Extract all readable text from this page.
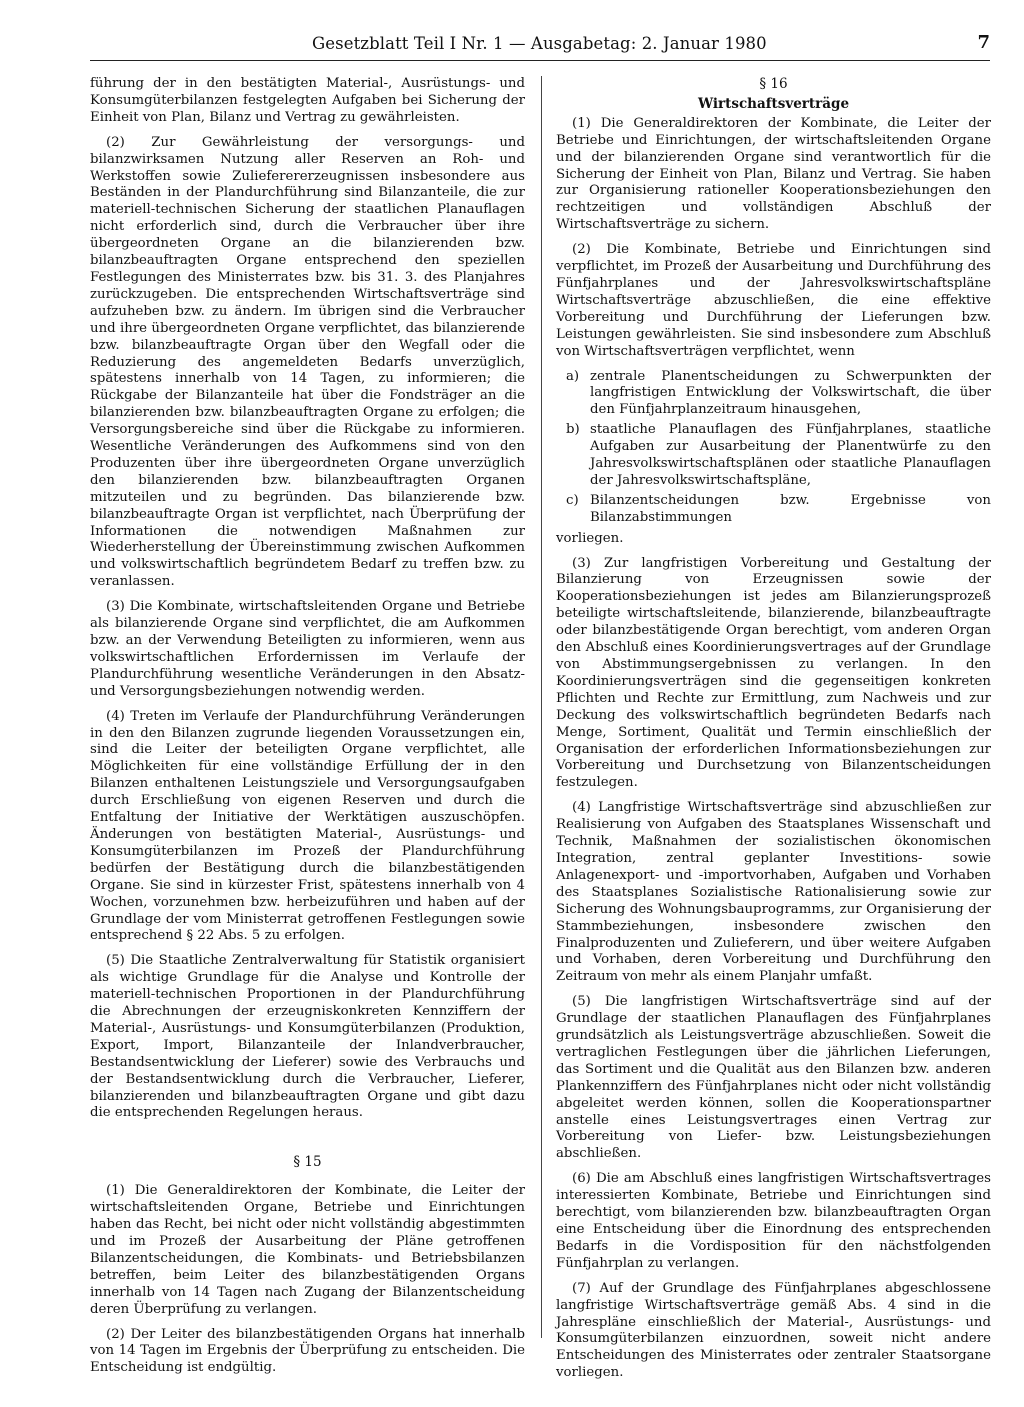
Gesetzblatt Teil I Nr. 1 — Ausgabetag: 2. Januar 1980	7

führung der in den bestätigten Material-, Ausrüstungs- und Konsumgüterbilanzen festgelegten Aufgaben bei Sicherung der Einheit von Plan, Bilanz und Vertrag zu gewährleisten.

(2) Zur Gewährleistung der versorgungs- und bilanzwirksamen Nutzung aller Reserven an Roh- und Werkstoffen sowie Zulieferererzeugnissen insbesondere aus Beständen in der Plandurchführung sind Bilanzanteile, die zur materiell-technischen Sicherung der staatlichen Planauflagen nicht erforderlich sind, durch die Verbraucher über ihre übergeordneten Organe an die bilanzierenden bzw. bilanzbeauftragten Organe entsprechend den speziellen Festlegungen des Ministerrates bzw. bis 31. 3. des Planjahres zurückzugeben. Die entsprechenden Wirtschaftsverträge sind aufzuheben bzw. zu ändern. Im übrigen sind die Verbraucher und ihre übergeordneten Organe verpflichtet, das bilanzierende bzw. bilanzbeauftragte Organ über den Wegfall oder die Reduzierung des angemeldeten Bedarfs unverzüglich, spätestens innerhalb von 14 Tagen, zu informieren; die Rückgabe der Bilanzanteile hat über die Fondsträger an die bilanzierenden bzw. bilanzbeauftragten Organe zu erfolgen; die Versorgungsbereiche sind über die Rückgabe zu informieren. Wesentliche Veränderungen des Aufkommens sind von den Produzenten über ihre übergeordneten Organe unverzüglich den bilanzierenden bzw. bilanzbeauftragten Organen mitzuteilen und zu begründen. Das bilanzierende bzw. bilanzbeauftragte Organ ist verpflichtet, nach Überprüfung der Informationen die notwendigen Maßnahmen zur Wiederherstellung der Übereinstimmung zwischen Aufkommen und volkswirtschaftlich begründetem Bedarf zu treffen bzw. zu veranlassen.

(3) Die Kombinate, wirtschaftsleitenden Organe und Betriebe als bilanzierende Organe sind verpflichtet, die am Aufkommen bzw. an der Verwendung Beteiligten zu informieren, wenn aus volkswirtschaftlichen Erfordernissen im Verlaufe der Plandurchführung wesentliche Veränderungen in den Absatz- und Versorgungsbeziehungen notwendig werden.

(4) Treten im Verlaufe der Plandurchführung Veränderungen in den den Bilanzen zugrunde liegenden Voraussetzungen ein, sind die Leiter der beteiligten Organe verpflichtet, alle Möglichkeiten für eine vollständige Erfüllung der in den Bilanzen enthaltenen Leistungsziele und Versorgungsaufgaben durch Erschließung von eigenen Reserven und durch die Entfaltung der Initiative der Werktätigen auszuschöpfen. Änderungen von bestätigten Material-, Ausrüstungs- und Konsumgüterbilanzen im Prozeß der Plandurchführung bedürfen der Bestätigung durch die bilanzbestätigenden Organe. Sie sind in kürzester Frist, spätestens innerhalb von 4 Wochen, vorzunehmen bzw. herbeizuführen und haben auf der Grundlage der vom Ministerrat getroffenen Festlegungen sowie entsprechend § 22 Abs. 5 zu erfolgen.

(5) Die Staatliche Zentralverwaltung für Statistik organisiert als wichtige Grundlage für die Analyse und Kontrolle der materiell-technischen Proportionen in der Plandurchführung die Abrechnungen der erzeugniskonkreten Kennziffern der Material-, Ausrüstungs- und Konsumgüterbilanzen (Produktion, Export, Import, Bilanzanteile der Inlandverbraucher, Bestandsentwicklung der Lieferer) sowie des Verbrauchs und der Bestandsentwicklung durch die Verbraucher, Lieferer, bilanzierenden und bilanzbeauftragten Organe und gibt dazu die entsprechenden Regelungen heraus.

§ 15

(1) Die Generaldirektoren der Kombinate, die Leiter der wirtschaftsleitenden Organe, Betriebe und Einrichtungen haben das Recht, bei nicht oder nicht vollständig abgestimmten und im Prozeß der Ausarbeitung der Pläne getroffenen Bilanzentscheidungen, die Kombinats- und Betriebsbilanzen betreffen, beim Leiter des bilanzbestätigenden Organs innerhalb von 14 Tagen nach Zugang der Bilanzentscheidung deren Überprüfung zu verlangen.

(2) Der Leiter des bilanzbestätigenden Organs hat innerhalb von 14 Tagen im Ergebnis der Überprüfung zu entscheiden. Die Entscheidung ist endgültig.

§ 16
Wirtschaftsverträge

(1) Die Generaldirektoren der Kombinate, die Leiter der Betriebe und Einrichtungen, der wirtschaftsleitenden Organe und der bilanzierenden Organe sind verantwortlich für die Sicherung der Einheit von Plan, Bilanz und Vertrag. Sie haben zur Organisierung rationeller Kooperationsbeziehungen den rechtzeitigen und vollständigen Abschluß der Wirtschaftsverträge zu sichern.

(2) Die Kombinate, Betriebe und Einrichtungen sind verpflichtet, im Prozeß der Ausarbeitung und Durchführung des Fünfjahrplanes und der Jahresvolkswirtschaftspläne Wirtschaftsverträge abzuschließen, die eine effektive Vorbereitung und Durchführung der Lieferungen bzw. Leistungen gewährleisten. Sie sind insbesondere zum Abschluß von Wirtschaftsverträgen verpflichtet, wenn

a) zentrale Planentscheidungen zu Schwerpunkten der langfristigen Entwicklung der Volkswirtschaft, die über den Fünfjahrplanzeitraum hinausgehen,
b) staatliche Planauflagen des Fünfjahrplanes, staatliche Aufgaben zur Ausarbeitung der Planentwürfe zu den Jahresvolkswirtschaftsplänen oder staatliche Planauflagen der Jahresvolkswirtschaftspläne,
c) Bilanzentscheidungen bzw. Ergebnisse von Bilanzabstimmungen

vorliegen.

(3) Zur langfristigen Vorbereitung und Gestaltung der Bilanzierung von Erzeugnissen sowie der Kooperationsbeziehungen ist jedes am Bilanzierungsprozeß beteiligte wirtschaftsleitende, bilanzierende, bilanzbeauftragte oder bilanzbestätigende Organ berechtigt, vom anderen Organ den Abschluß eines Koordinierungsvertrages auf der Grundlage von Abstimmungsergebnissen zu verlangen. In den Koordinierungsverträgen sind die gegenseitigen konkreten Pflichten und Rechte zur Ermittlung, zum Nachweis und zur Deckung des volkswirtschaftlich begründeten Bedarfs nach Menge, Sortiment, Qualität und Termin einschließlich der Organisation der erforderlichen Informationsbeziehungen zur Vorbereitung und Durchsetzung von Bilanzentscheidungen festzulegen.

(4) Langfristige Wirtschaftsverträge sind abzuschließen zur Realisierung von Aufgaben des Staatsplanes Wissenschaft und Technik, Maßnahmen der sozialistischen ökonomischen Integration, zentral geplanter Investitions- sowie Anlagenexport- und -importvorhaben, Aufgaben und Vorhaben des Staatsplanes Sozialistische Rationalisierung sowie zur Sicherung des Wohnungsbauprogramms, zur Organisierung der Stammbeziehungen, insbesondere zwischen den Finalproduzenten und Zulieferern, und über weitere Aufgaben und Vorhaben, deren Vorbereitung und Durchführung den Zeitraum von mehr als einem Planjahr umfaßt.

(5) Die langfristigen Wirtschaftsverträge sind auf der Grundlage der staatlichen Planauflagen des Fünfjahrplanes grundsätzlich als Leistungsverträge abzuschließen. Soweit die vertraglichen Festlegungen über die jährlichen Lieferungen, das Sortiment und die Qualität aus den Bilanzen bzw. anderen Plankennziffern des Fünfjahrplanes nicht oder nicht vollständig abgeleitet werden können, sollen die Kooperationspartner anstelle eines Leistungsvertrages einen Vertrag zur Vorbereitung von Liefer- bzw. Leistungsbeziehungen abschließen.

(6) Die am Abschluß eines langfristigen Wirtschaftsvertrages interessierten Kombinate, Betriebe und Einrichtungen sind berechtigt, vom bilanzierenden bzw. bilanzbeauftragten Organ eine Entscheidung über die Einordnung des entsprechenden Bedarfs in die Vordisposition für den nächstfolgenden Fünfjahrplan zu verlangen.

(7) Auf der Grundlage des Fünfjahrplanes abgeschlossene langfristige Wirtschaftsverträge gemäß Abs. 4 sind in die Jahrespläne einschließlich der Material-, Ausrüstungs- und Konsumgüterbilanzen einzuordnen, soweit nicht andere Entscheidungen des Ministerrates oder zentraler Staatsorgane vorliegen.
